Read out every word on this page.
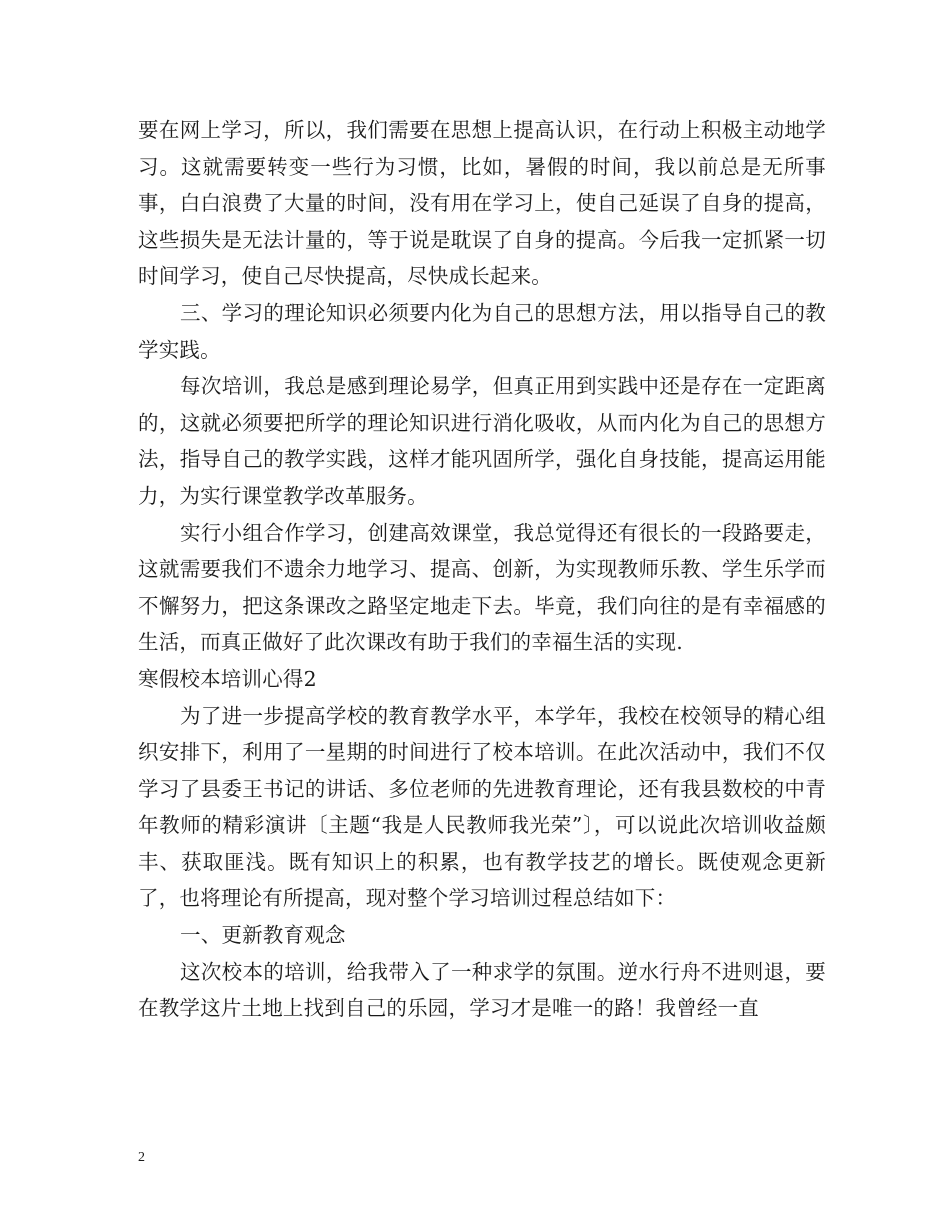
要在网上学习，所以，我们需要在思想上提高认识，在行动上积极主动地学习。这就需要转变一些行为习惯，比如，暑假的时间，我以前总是无所事事，白白浪费了大量的时间，没有用在学习上，使自己延误了自身的提高，这些损失是无法计量的，等于说是耽误了自身的提高。今后我一定抓紧一切时间学习，使自己尽快提高，尽快成长起来。

三、学习的理论知识必须要内化为自己的思想方法，用以指导自己的教学实践。

每次培训，我总是感到理论易学，但真正用到实践中还是存在一定距离的，这就必须要把所学的理论知识进行消化吸收，从而内化为自己的思想方法，指导自己的教学实践，这样才能巩固所学，强化自身技能，提高运用能力，为实行课堂教学改革服务。

实行小组合作学习，创建高效课堂，我总觉得还有很长的一段路要走，这就需要我们不遗余力地学习、提高、创新，为实现教师乐教、学生乐学而不懈努力，把这条课改之路坚定地走下去。毕竟，我们向往的是有幸福感的生活，而真正做好了此次课改有助于我们的幸福生活的实现.

寒假校本培训心得2

为了进一步提高学校的教育教学水平，本学年，我校在校领导的精心组织安排下，利用了一星期的时间进行了校本培训。在此次活动中，我们不仅学习了县委王书记的讲话、多位老师的先进教育理论，还有我县数校的中青年教师的精彩演讲〔主题“我是人民教师我光荣”〕，可以说此次培训收益颇丰、获取匪浅。既有知识上的积累，也有教学技艺的增长。既使观念更新了，也将理论有所提高，现对整个学习培训过程总结如下：

一、更新教育观念

这次校本的培训，给我带入了一种求学的氛围。逆水行舟不进则退，要在教学这片土地上找到自己的乐园，学习才是唯一的路！我曾经一直

2
